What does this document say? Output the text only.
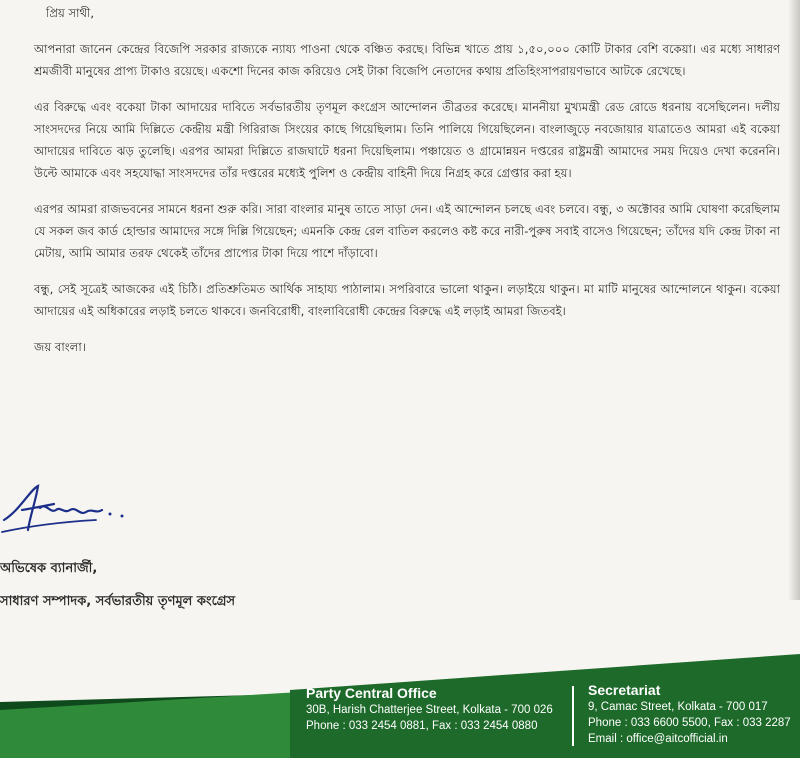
প্রিয় সাথী,

আপনারা জানেন কেন্দ্রের বিজেপি সরকার রাজ্যকে ন্যায্য পাওনা থেকে বঞ্চিত করছে। বিভিন্ন খাতে প্রায় ১,৫০,০০০ কোটি টাকার বেশি বকেয়া। এর মধ্যে সাধারণ শ্রমজীবী মানুষের প্রাপ্য টাকাও রয়েছে। একশো দিনের কাজ করিয়েও সেই টাকা বিজেপি নেতাদের কথায় প্রতিহিংসাপরায়ণভাবে আটকে রেখেছে।

এর বিরুদ্ধে এবং বকেয়া টাকা আদায়ের দাবিতে সর্বভারতীয় তৃণমূল কংগ্রেস আন্দোলন তীব্রতর করেছে। মাননীয়া মুখ্যমন্ত্রী রেড রোডে ধরনায় বসেছিলেন। দলীয় সাংসদদের নিয়ে আমি দিল্লিতে কেন্দ্রীয় মন্ত্রী গিরিরাজ সিংয়ের কাছে গিয়েছিলাম। তিনি পালিয়ে গিয়েছিলেন। বাংলাজুড়ে নবজোয়ার যাত্রাতেও আমরা এই বকেয়া আদায়ের দাবিতে ঝড় তুলেছি। এরপর আমরা দিল্লিতে রাজঘাটে ধরনা দিয়েছিলাম। পঞ্চায়েত ও গ্রামোন্নয়ন দপ্তরের রাষ্ট্রমন্ত্রী আমাদের সময় দিয়েও দেখা করেননি। উল্টে আমাকে এবং সহযোদ্ধা সাংসদদের তাঁর দপ্তরের মধ্যেই পুলিশ ও কেন্দ্রীয় বাহিনী দিয়ে নিগ্রহ করে গ্রেপ্তার করা হয়।

এরপর আমরা রাজভবনের সামনে ধরনা শুরু করি। সারা বাংলার মানুষ তাতে সাড়া দেন। এই আন্দোলন চলছে এবং চলবে। বন্ধু, ৩ অক্টোবর আমি ঘোষণা করেছিলাম যে সকল জব কার্ড হোল্ডার আমাদের সঙ্গে দিল্লি গিয়েছেন; এমনকি কেন্দ্র রেল বাতিল করলেও কষ্ট করে নারী-পুরুষ সবাই বাসেও গিয়েছেন; তাঁদের যদি কেন্দ্র টাকা না মেটায়, আমি আমার তরফ থেকেই তাঁদের প্রাপ্যের টাকা দিয়ে পাশে দাঁড়াবো।

বন্ধু, সেই সূত্রেই আজকের এই চিঠি। প্রতিশ্রুতিমত আর্থিক সাহায্য পাঠালাম। সপরিবারে ভালো থাকুন। লড়াইয়ে থাকুন। মা মাটি মানুষের আন্দোলনে থাকুন। বকেয়া আদায়ের এই অধিকারের লড়াই চলতে থাকবে। জনবিরোধী, বাংলাবিরোধী কেন্দ্রের বিরুদ্ধে এই লড়াই আমরা জিতবই।

জয় বাংলা।
অভিষেক ব্যানার্জী,
সাধারণ সম্পাদক, সর্বভারতীয় তৃণমূল কংগ্রেস
Party Central Office
30B, Harish Chatterjee Street, Kolkata - 700 026
Phone : 033 2454 0881, Fax : 033 2454 0880
Secretariat
9, Camac Street, Kolkata - 700 017
Phone : 033 6600 5500, Fax : 033 2287
Email : office@aitcofficial.in
